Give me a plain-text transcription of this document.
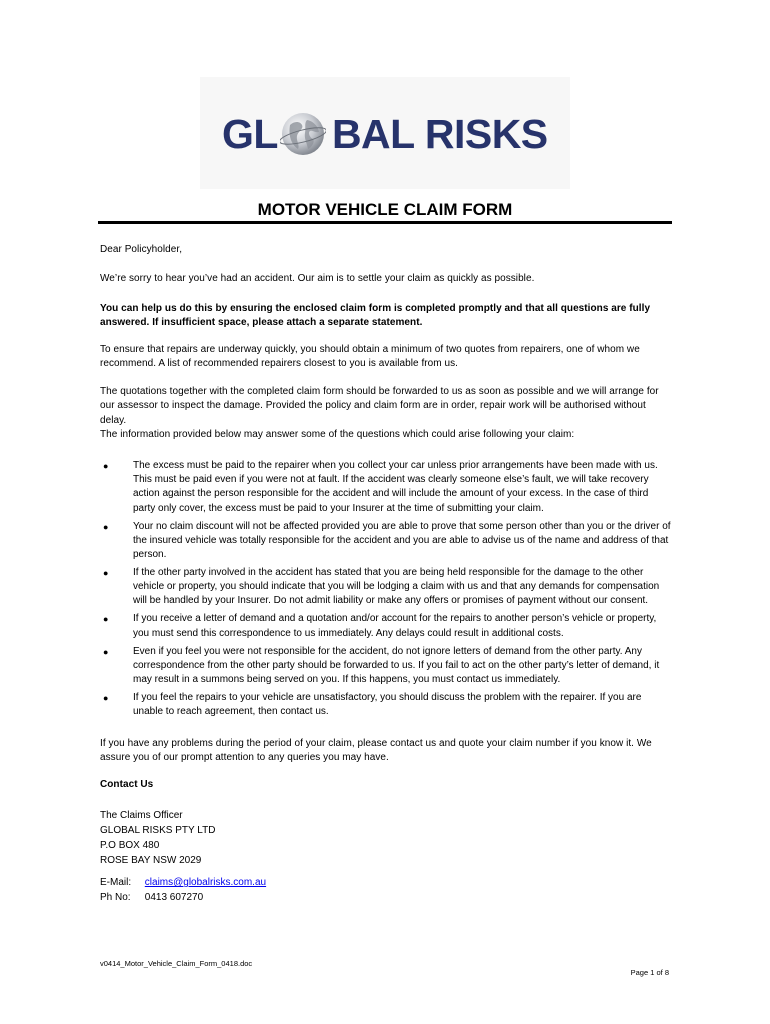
GL BAL RISKS
MOTOR VEHICLE CLAIM FORM
Dear Policyholder,
We’re sorry to hear you’ve had an accident. Our aim is to settle your claim as quickly as possible.
You can help us do this by ensuring the enclosed claim form is completed promptly and that all questions are fully answered. If insufficient space, please attach a separate statement.
To ensure that repairs are underway quickly, you should obtain a minimum of two quotes from repairers, one of whom we recommend. A list of recommended repairers closest to you is available from us.
The quotations together with the completed claim form should be forwarded to us as soon as possible and we will arrange for our assessor to inspect the damage. Provided the policy and claim form are in order, repair work will be authorised without delay.
The information provided below may answer some of the questions which could arise following your claim:
● The excess must be paid to the repairer when you collect your car unless prior arrangements have been made with us. This must be paid even if you were not at fault. If the accident was clearly someone else’s fault, we will take recovery action against the person responsible for the accident and will include the amount of your excess. In the case of third party only cover, the excess must be paid to your Insurer at the time of submitting your claim.
● Your no claim discount will not be affected provided you are able to prove that some person other than you or the driver of the insured vehicle was totally responsible for the accident and you are able to advise us of the name and address of that person.
● If the other party involved in the accident has stated that you are being held responsible for the damage to the other vehicle or property, you should indicate that you will be lodging a claim with us and that any demands for compensation will be handled by your Insurer. Do not admit liability or make any offers or promises of payment without our consent.
● If you receive a letter of demand and a quotation and/or account for the repairs to another person’s vehicle or property, you must send this correspondence to us immediately. Any delays could result in additional costs.
● Even if you feel you were not responsible for the accident, do not ignore letters of demand from the other party. Any correspondence from the other party should be forwarded to us. If you fail to act on the other party’s letter of demand, it may result in a summons being served on you. If this happens, you must contact us immediately.
● If you feel the repairs to your vehicle are unsatisfactory, you should discuss the problem with the repairer. If you are unable to reach agreement, then contact us.
If you have any problems during the period of your claim, please contact us and quote your claim number if you know it. We assure you of our prompt attention to any queries you may have.
Contact Us
The Claims Officer
GLOBAL RISKS PTY LTD
P.O BOX 480
ROSE BAY NSW 2029
E-Mail: claims@globalrisks.com.au
Ph No: 0413 607270
v0414_Motor_Vehicle_Claim_Form_0418.doc
Page 1 of 8
